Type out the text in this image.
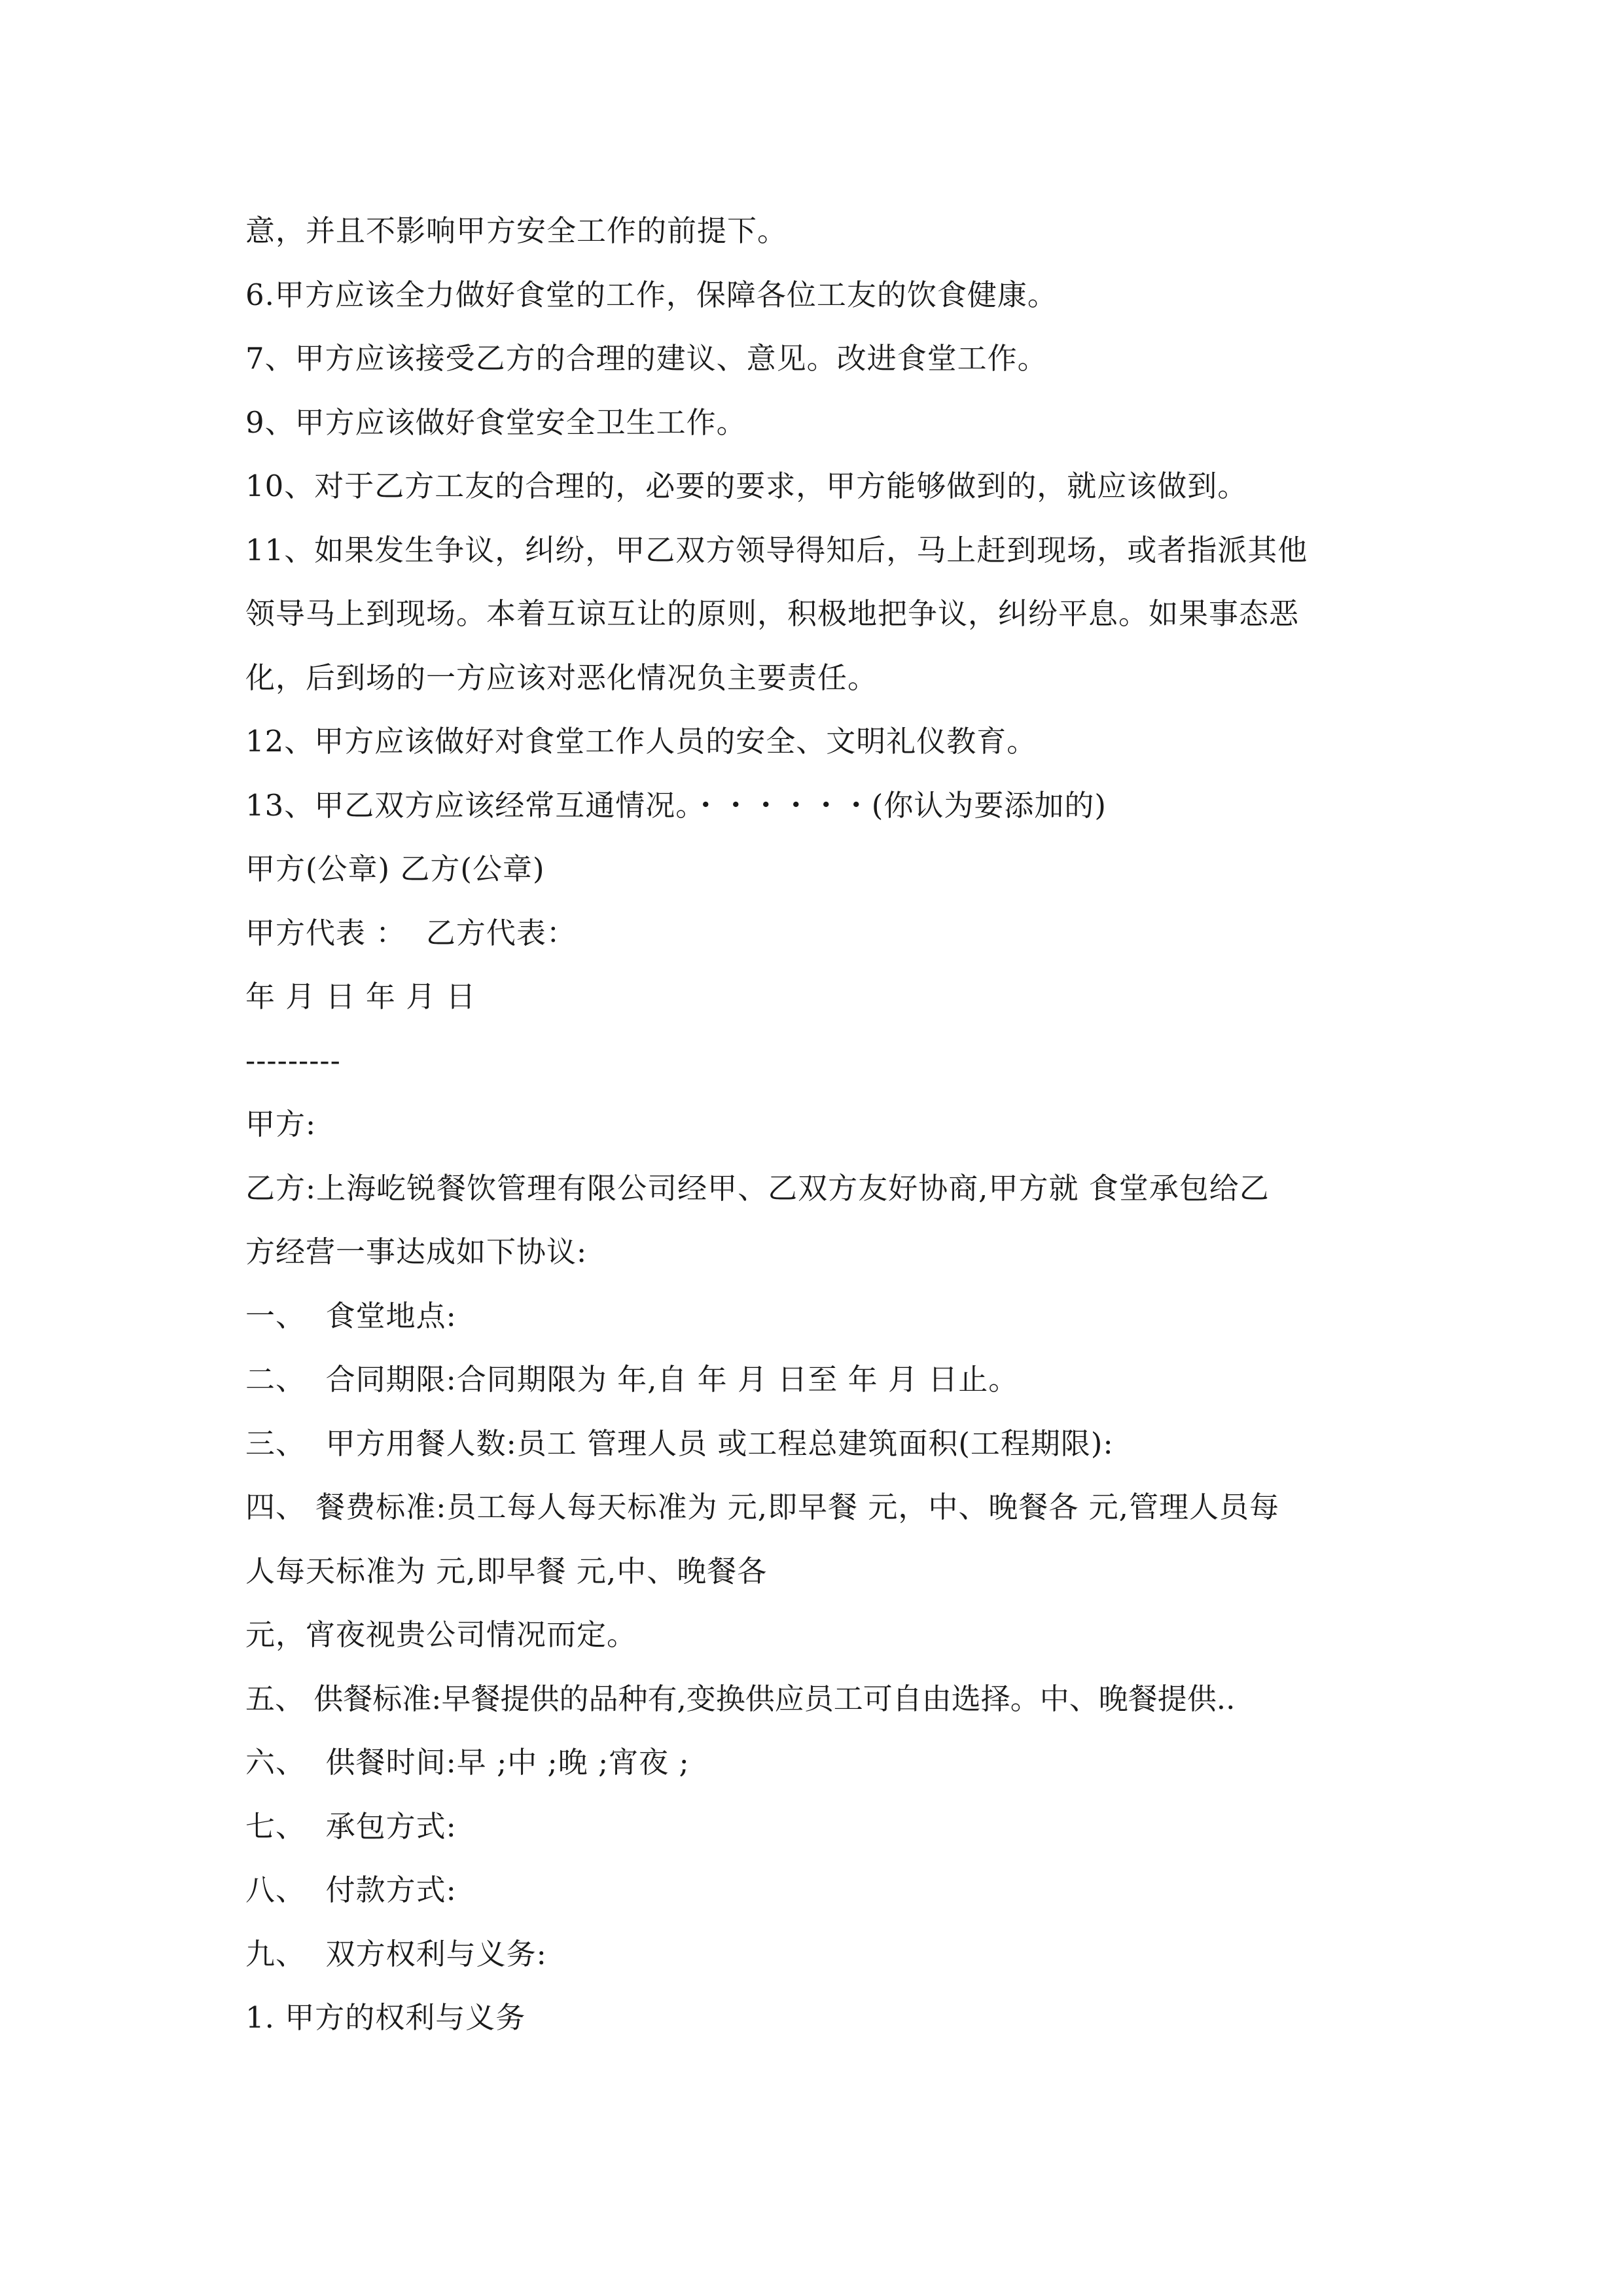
意，并且不影响甲方安全工作的前提下。
6.甲方应该全力做好食堂的工作，保障各位工友的饮食健康。
7、甲方应该接受乙方的合理的建议、意见。改进食堂工作。
9、甲方应该做好食堂安全卫生工作。
10、对于乙方工友的合理的，必要的要求，甲方能够做到的，就应该做到。
11、如果发生争议，纠纷，甲乙双方领导得知后，马上赶到现场，或者指派其他
领导马上到现场。本着互谅互让的原则，积极地把争议，纠纷平息。如果事态恶
化，后到场的一方应该对恶化情况负主要责任。
12、甲方应该做好对食堂工作人员的安全、文明礼仪教育。
13、甲乙双方应该经常互通情况。・・・・・・(你认为要添加的)
甲方(公章) 乙方(公章)
甲方代表 ：  乙方代表：
年 月 日 年 月 日
---------
甲方:
乙方:上海屹锐餐饮管理有限公司经甲、乙双方友好协商,甲方就 食堂承包给乙
方经营一事达成如下协议:
一、  食堂地点:
二、  合同期限:合同期限为 年,自 年 月 日至 年 月 日止。
三、  甲方用餐人数:员工 管理人员 或工程总建筑面积(工程期限):
四、 餐费标准:员工每人每天标准为 元,即早餐 元，中、晚餐各 元,管理人员每
人每天标准为 元,即早餐 元,中、晚餐各
元，宵夜视贵公司情况而定。
五、 供餐标准:早餐提供的品种有,变换供应员工可自由选择。中、晚餐提供..
六、  供餐时间:早 ;中 ;晚 ;宵夜 ;
七、  承包方式:
八、  付款方式:
九、  双方权利与义务:
1. 甲方的权利与义务
